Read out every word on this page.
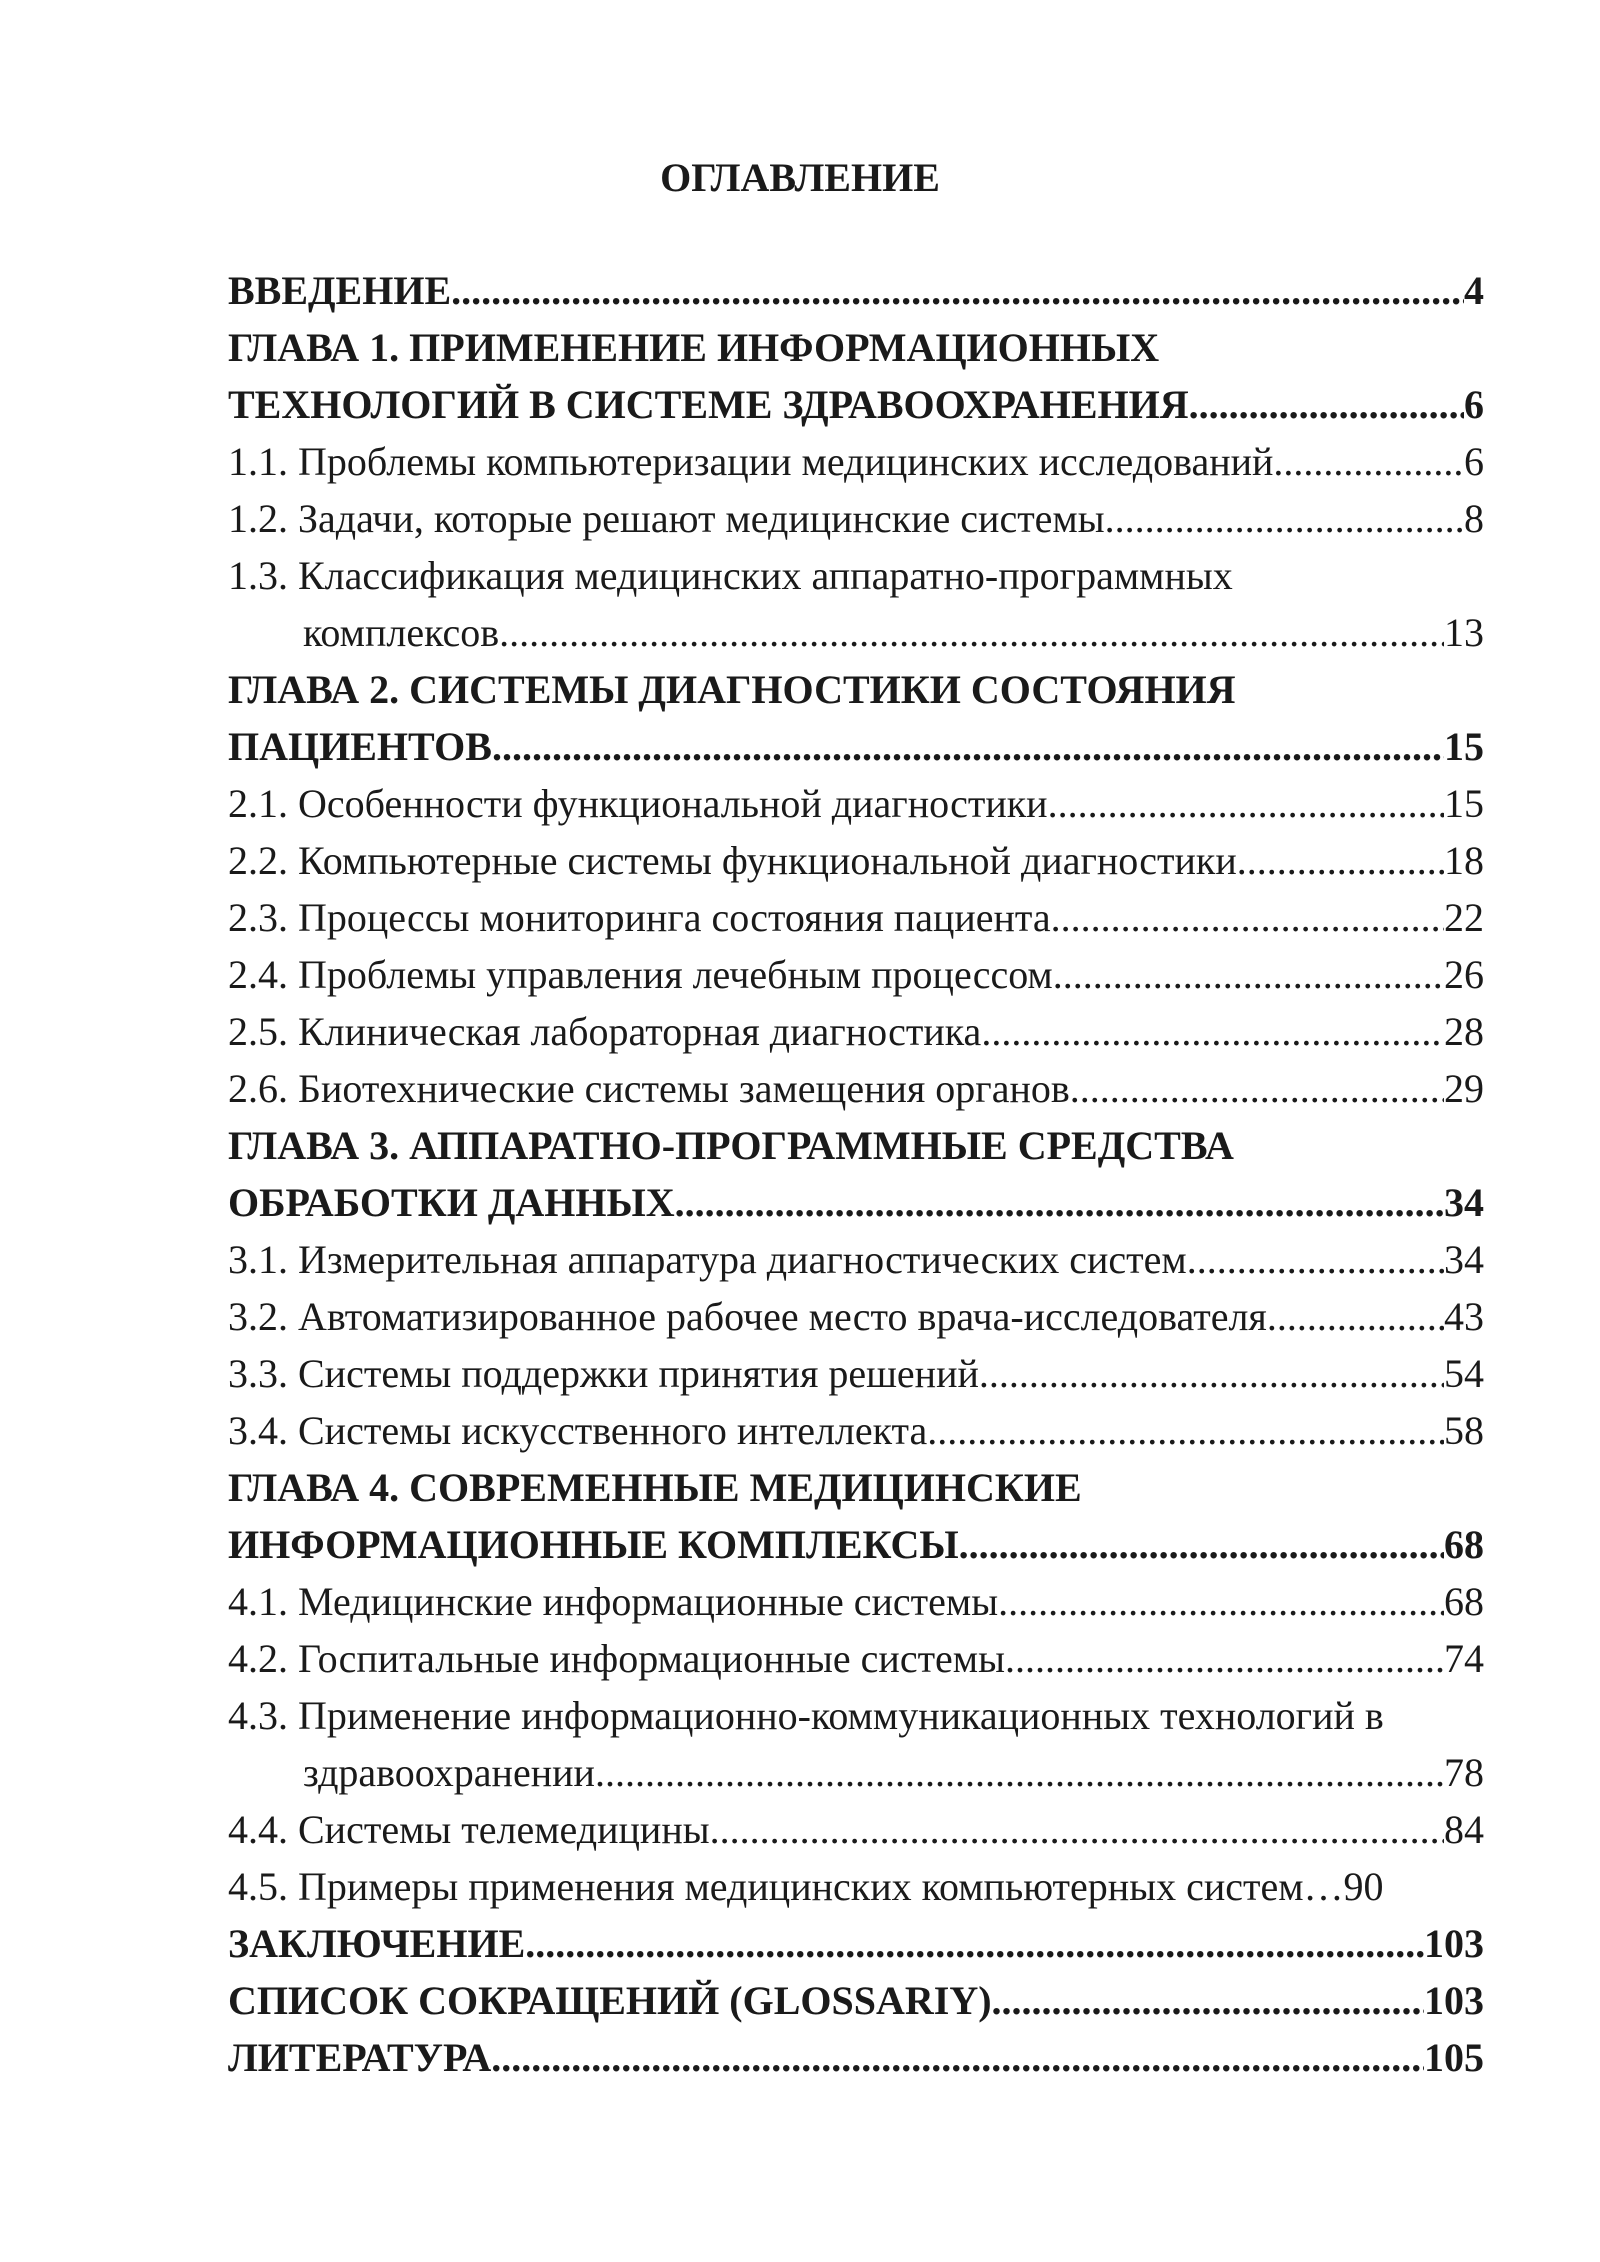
ОГЛАВЛЕНИЕ
ВВЕДЕНИЕ .....	4
ГЛАВА 1. ПРИМЕНЕНИЕ ИНФОРМАЦИОННЫХ
ТЕХНОЛОГИЙ В СИСТЕМЕ ЗДРАВООХРАНЕНИЯ .....	6
1.1.
Проблемы компьютеризации медицинских исследований .....	6
1.2.
Задачи, которые решают медицинские системы .....	8
1.3.
Классификация медицинских аппаратно-программных
комплексов .....	13
ГЛАВА 2. СИСТЕМЫ ДИАГНОСТИКИ СОСТОЯНИЯ
ПАЦИЕНТОВ .....	15
2.1.
Особенности функциональной диагностики .....	15
2.2.
Компьютерные системы функциональной диагностики .....	18
2.3.
Процессы мониторинга состояния пациента .....	22
2.4.
Проблемы управления лечебным процессом .....	26
2.5.
Клиническая лабораторная диагностика .....	28
2.6.
Биотехнические системы замещения органов .....	29
ГЛАВА 3. АППАРАТНО-ПРОГРАММНЫЕ СРЕДСТВА
ОБРАБОТКИ ДАННЫХ .....	34
3.1.
Измерительная аппаратура диагностических систем .....	34
3.2.
Автоматизированное рабочее место врача-исследователя .....	43
3.3.
Системы поддержки принятия решений .....	54
3.4.
Системы искусственного интеллекта .....	58
ГЛАВА 4. СОВРЕМЕННЫЕ МЕДИЦИНСКИЕ
ИНФОРМАЦИОННЫЕ КОМПЛЕКСЫ .....	68
4.1.
Медицинские информационные системы .....	68
4.2.
Госпитальные информационные системы .....	74
4.3.
Применение информационно-коммуникационных технологий в
здравоохранении .....	78
4.4.
Системы телемедицины .....	84
4.5.
Примеры применения медицинских компьютерных систем… 90
ЗАКЛЮЧЕНИЕ .....	103
СПИСОК СОКРАЩЕНИЙ (GLOSSARIY) .....	103
ЛИТЕРАТУРА .....	105
